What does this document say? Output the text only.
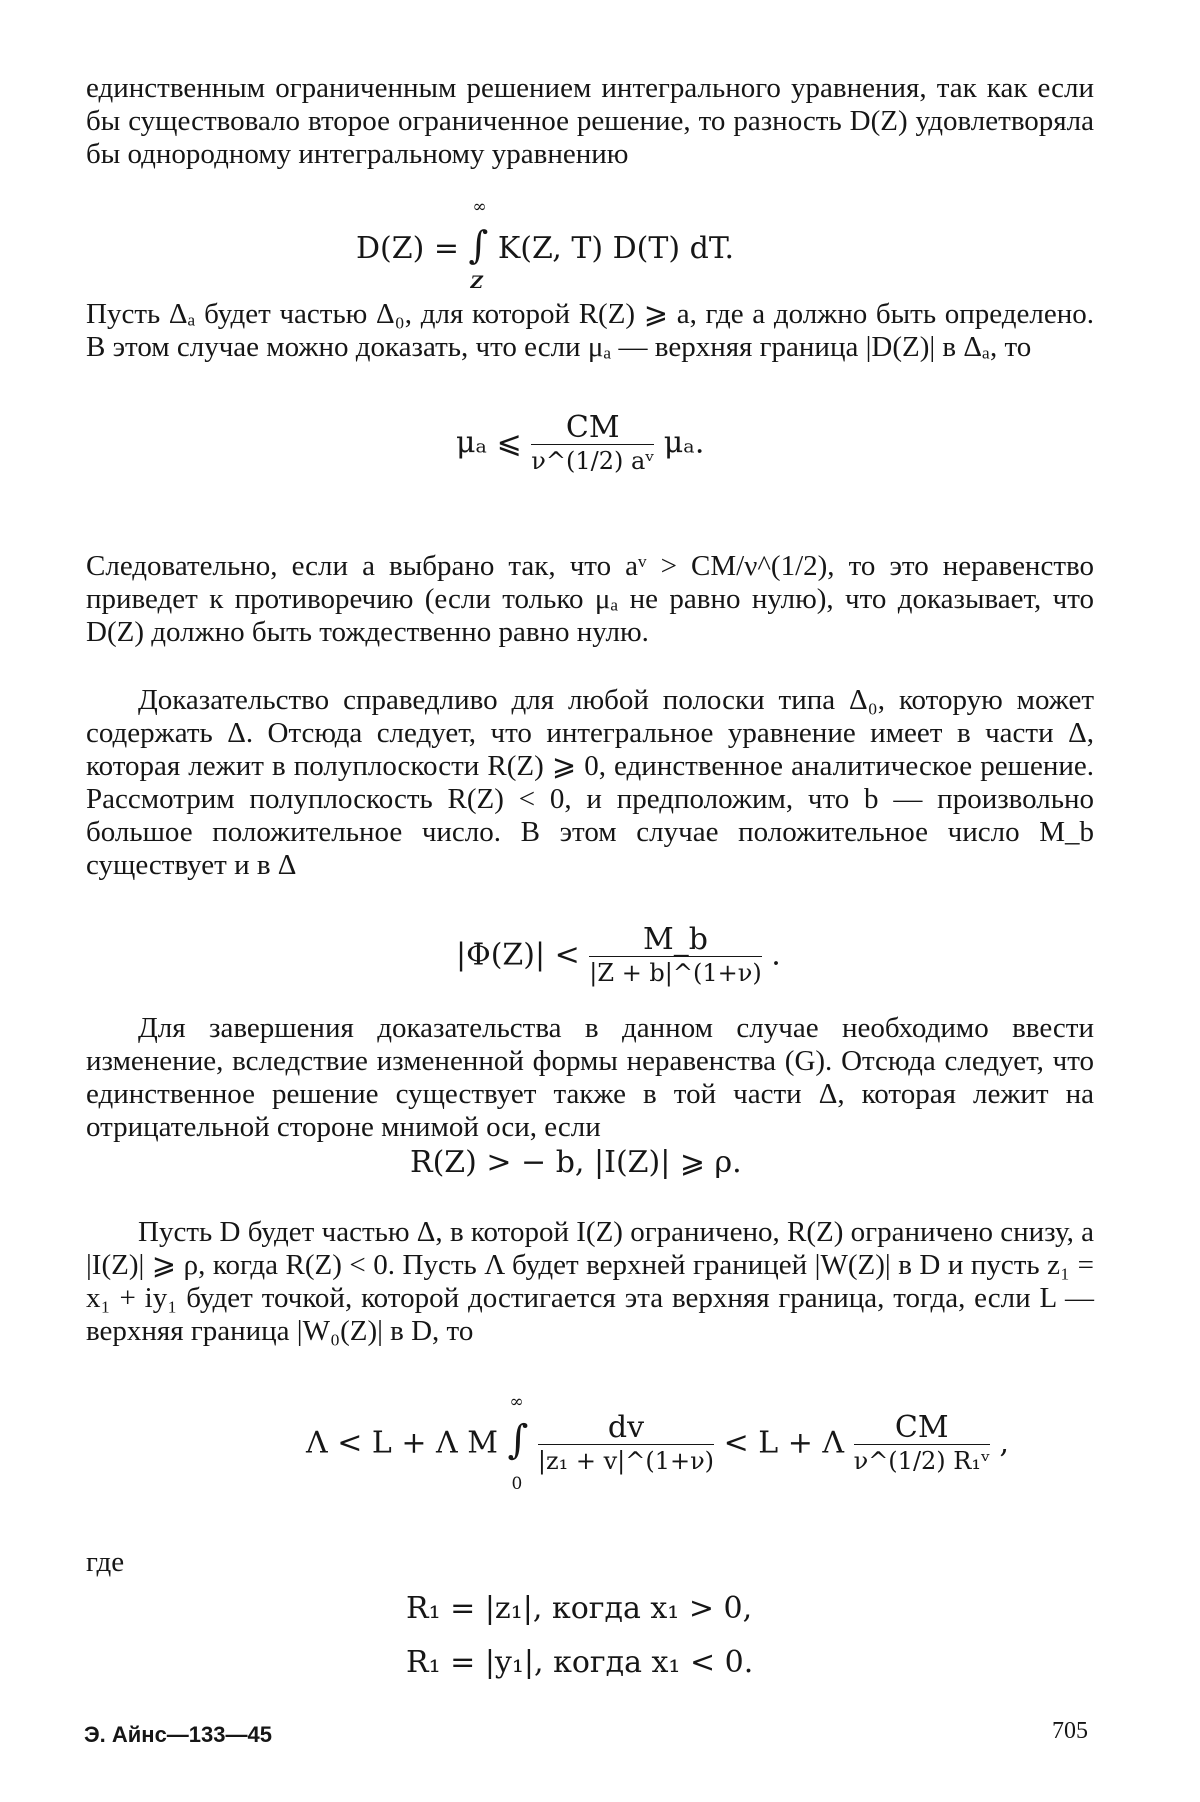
единственным ограниченным решением интегрального уравнения, так как если бы существовало второе ограниченное решение, то разность D(Z) удовлетворяла бы однородному интегральному уравнению

D(Z) = ∫
∞
Z
K(Z, T) D(T) dT.

Пусть Δₐ будет частью Δ₀, для которой R(Z) ⩾ a, где a должно быть определено. В этом случае можно доказать, что если μₐ — верхняя граница |D(Z)| в Δₐ, то

μₐ ⩽ $\frac{CM}{\text{ν\textasciicircum{}(1/2) aᵛ}} \mu_a$.

Следовательно, если a выбрано так, что aᵛ > CM/ν^(1/2), то это неравенство приведет к противоречию (если только μₐ не равно нулю), что доказывает, что D(Z) должно быть тождественно равно нулю.

Доказательство справедливо для любой полоски типа Δ₀, которую может содержать Δ. Отсюда следует, что интегральное уравнение имеет в части Δ, которая лежит в полуплоскости R(Z) ⩾ 0, единственное аналитическое решение. Рассмотрим полуплоскость R(Z) < 0, и предположим, что b — произвольно большое положительное число. В этом случае положительное число M_b существует и в Δ

$|\Phi(Z)| < \frac{M\_b}{|Z + b|\^{}(1+\nu)}$ .

Для завершения доказательства в данном случае необходимо ввести изменение, вследствие измененной формы неравенства (G). Отсюда следует, что единственное решение существует также в той части Δ, которая лежит на отрицательной стороне мнимой оси, если

R(Z) > − b, |I(Z)| ⩾ ρ.

Пусть D будет частью Δ, в которой I(Z) ограничено, R(Z) ограничено снизу, а |I(Z)| ⩾ ρ, когда R(Z) < 0. Пусть Λ будет верхней границей |W(Z)| в D и пусть z₁ = x₁ + iy₁ будет точкой, которой достигается эта верхняя граница, тогда, если L — верхняя граница |W₀(Z)| в D, то

Λ < L + Λ M ∫
∞
0

$\frac{dv}{\text{|z₁ + v|\textasciicircum{}(1+ν)}} < L + \Lambda \frac{CM}{\text{ν\textasciicircum{}(1/2) R₁ᵛ}}$ ,
где
R₁ = |z₁|, когда x₁ > 0,
R₁ = |y₁|, когда x₁ < 0.
Э. Айнс—133—45	705
